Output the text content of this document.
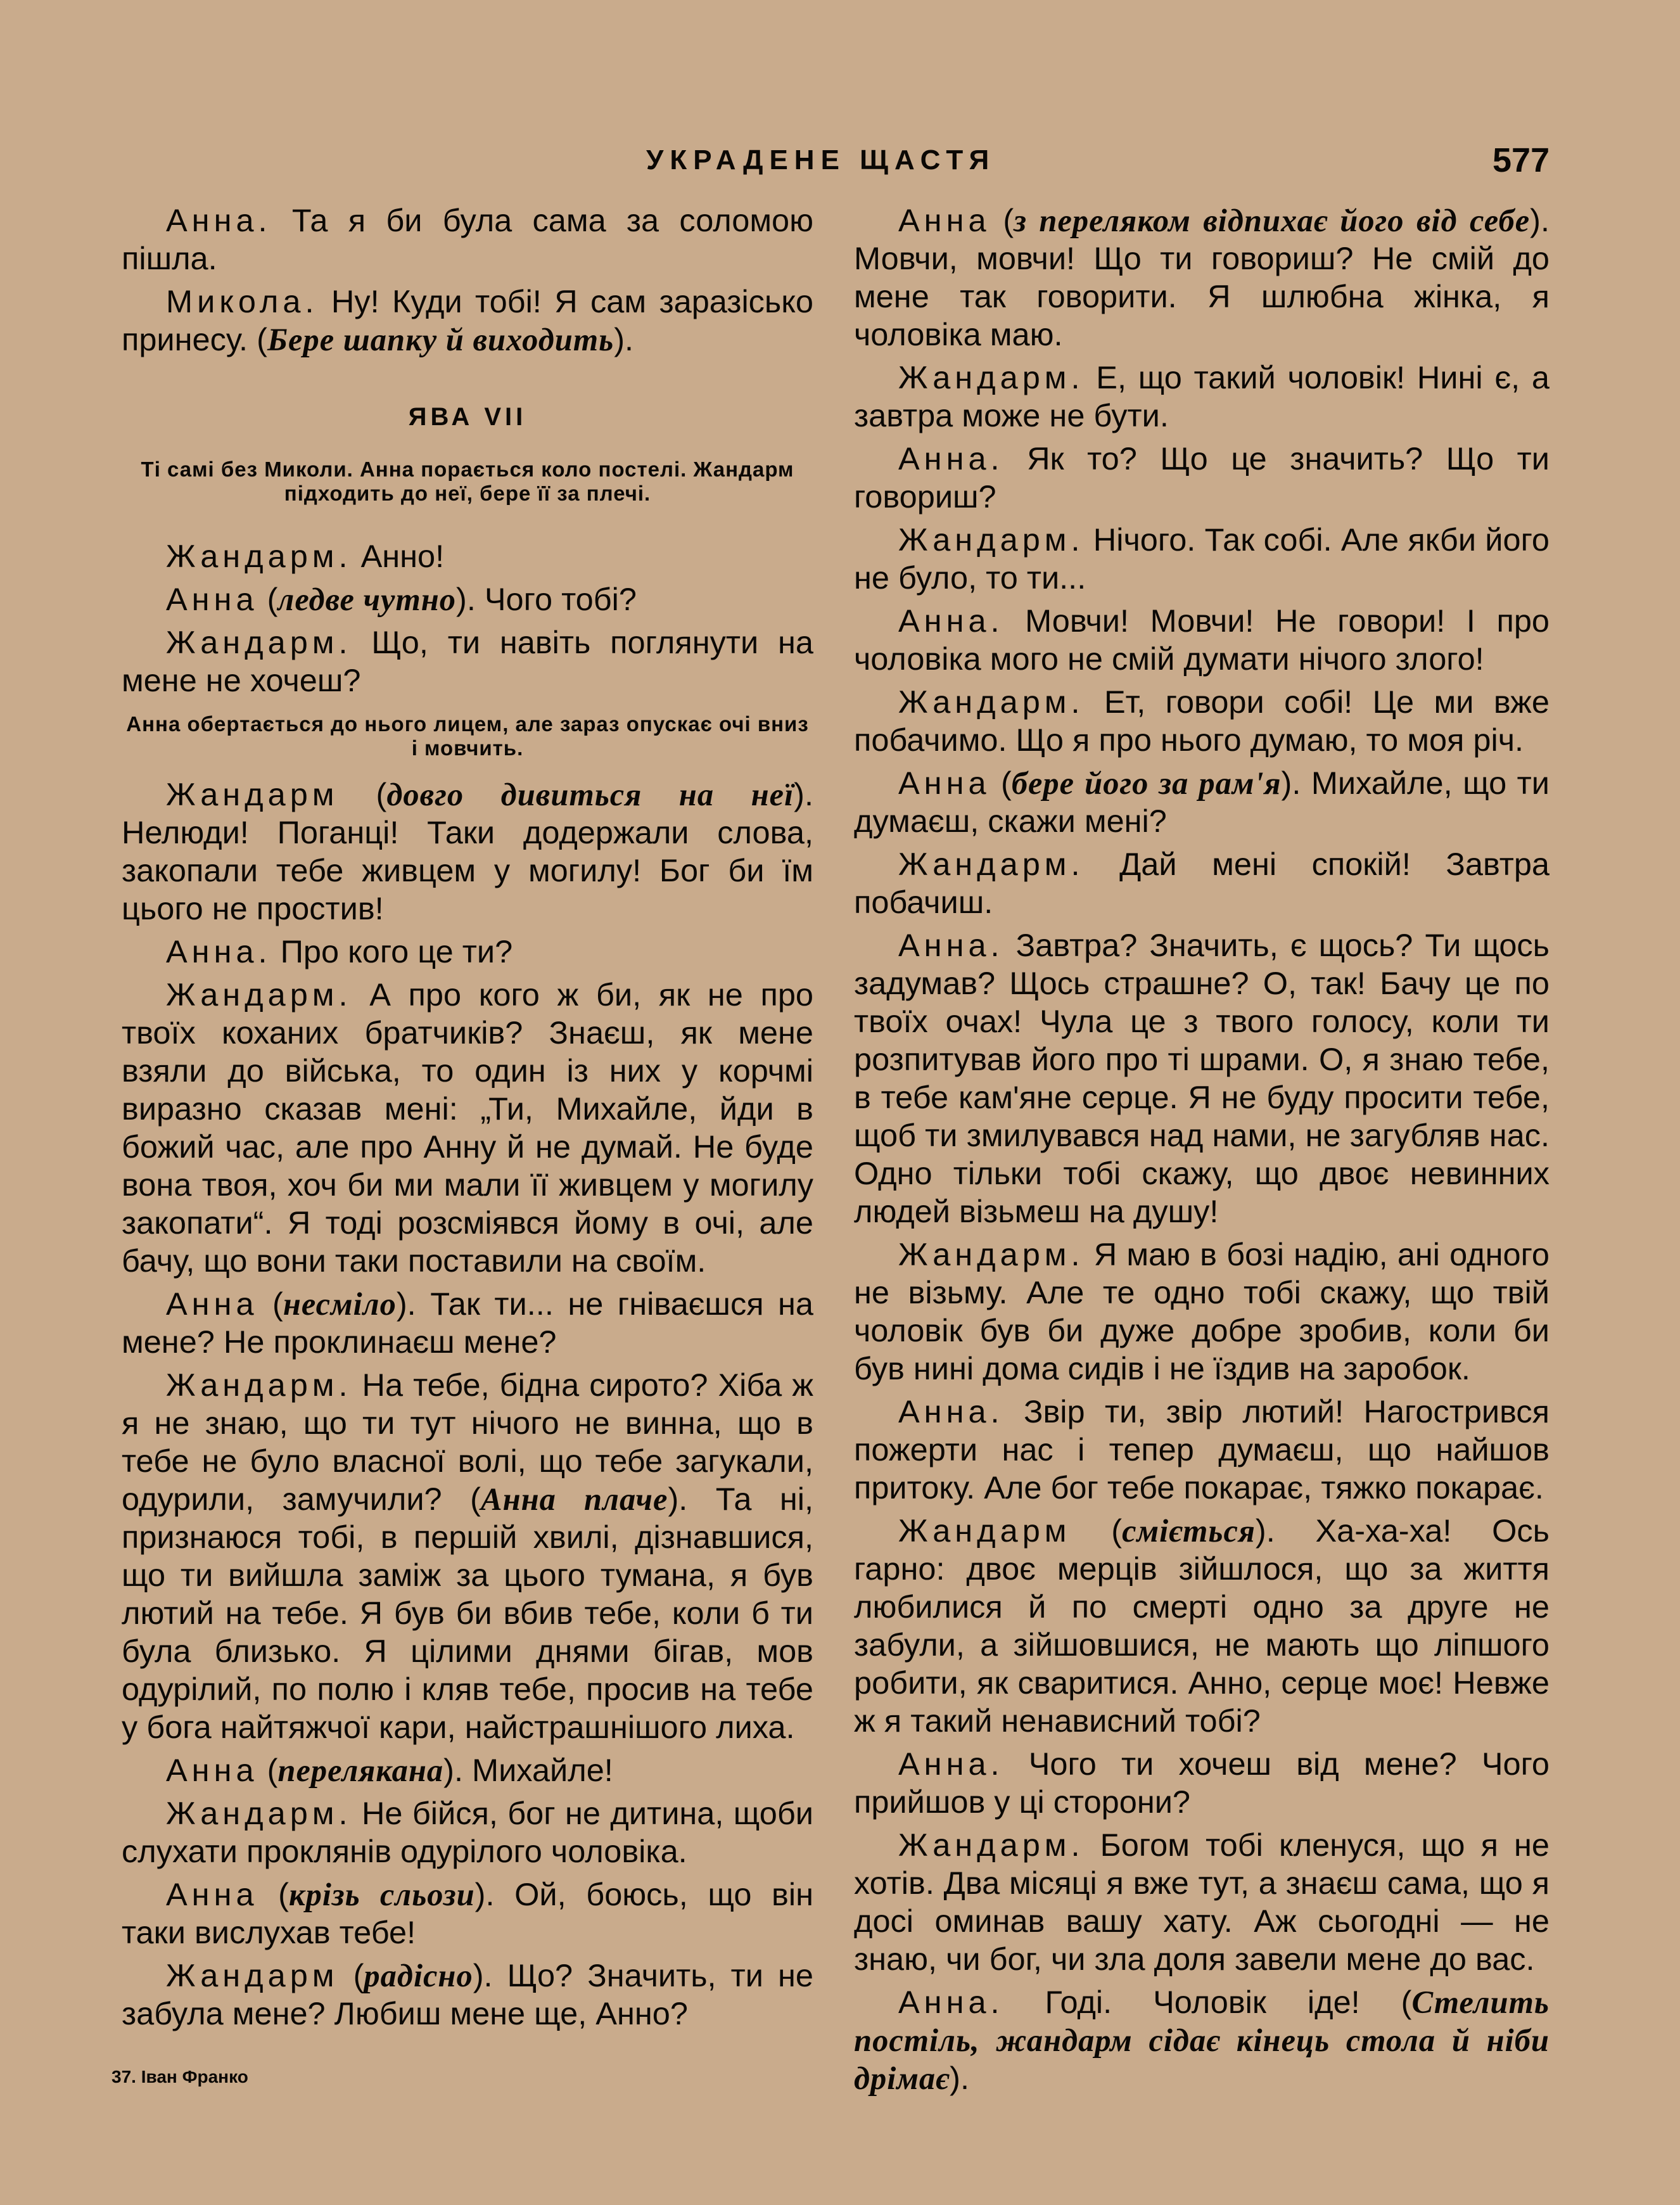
УКРАДЕНЕ ЩАСТЯ	577

Анна. Та я би була сама за соломою пішла.

Микола. Ну! Куди тобі! Я сам заразісько принесу. (Бере шапку й виходить).

ЯВА VII
Ті самі без Миколи. Анна порається коло постелі. Жандарм підходить до неї, бере її за плечі.

Жандарм. Анно!

Анна (ледве чутно). Чого тобі?

Жандарм. Що, ти навіть поглянути на мене не хочеш?

Анна обертається до нього лицем, але зараз опускає очі вниз і мовчить.

Жандарм (довго дивиться на неї). Нелюди! Поганці! Таки додержали слова, закопали тебе живцем у могилу! Бог би їм цього не простив!

Анна. Про кого це ти?

Жандарм. А про кого ж би, як не про твоїх коханих братчиків? Знаєш, як мене взяли до війська, то один із них у корчмі виразно сказав мені: „Ти, Михайле, йди в божий час, але про Анну й не думай. Не буде вона твоя, хоч би ми мали її живцем у могилу закопати“. Я тоді розсміявся йому в очі, але бачу, що вони таки поставили на своїм.

Анна (несміло). Так ти... не гніваєшся на мене? Не проклинаєш мене?

Жандарм. На тебе, бідна сирото? Хіба ж я не знаю, що ти тут нічого не винна, що в тебе не було власної волі, що тебе загукали, одурили, замучили? (Анна плаче). Та ні, признаюся тобі, в першій хвилі, дізнавшися, що ти вийшла заміж за цього тумана, я був лютий на тебе. Я був би вбив тебе, коли б ти була близько. Я цілими днями бігав, мов одурілий, по полю і кляв тебе, просив на тебе у бога найтяжчої кари, найстрашнішого лиха.

Анна (перелякана). Михайле!

Жандарм. Не бійся, бог не дитина, щоби слухати проклянів одурілого чоловіка.

Анна (крізь сльози). Ой, боюсь, що він таки вислухав тебе!

Жандарм (радісно). Що? Значить, ти не забула мене? Любиш мене ще, Анно?

Анна (з переляком відпихає його від себе). Мовчи, мовчи! Що ти говориш? Не смій до мене так говорити. Я шлюбна жінка, я чоловіка маю.

Жандарм. Е, що такий чоловік! Нині є, а завтра може не бути.

Анна. Як то? Що це значить? Що ти говориш?

Жандарм. Нічого. Так собі. Але якби його не було, то ти...

Анна. Мовчи! Мовчи! Не говори! І про чоловіка мого не смій думати нічого злого!

Жандарм. Ет, говори собі! Це ми вже побачимо. Що я про нього думаю, то моя річ.

Анна (бере його за рам'я). Михайле, що ти думаєш, скажи мені?

Жандарм. Дай мені спокій! Завтра побачиш.

Анна. Завтра? Значить, є щось? Ти щось задумав? Щось страшне? О, так! Бачу це по твоїх очах! Чула це з твого голосу, коли ти розпитував його про ті шрами. О, я знаю тебе, в тебе кам'яне серце. Я не буду просити тебе, щоб ти змилувався над нами, не загубляв нас. Одно тільки тобі скажу, що двоє невинних людей візьмеш на душу!

Жандарм. Я маю в бозі надію, ані одного не візьму. Але те одно тобі скажу, що твій чоловік був би дуже добре зробив, коли би був нині дома сидів і не їздив на заробок.

Анна. Звір ти, звір лютий! Нагострився пожерти нас і тепер думаєш, що найшов притоку. Але бог тебе покарає, тяжко покарає.

Жандарм (сміється). Ха-ха-ха! Ось гарно: двоє мерців зійшлося, що за життя любилися й по смерті одно за друге не забули, а зійшовшися, не мають що ліпшого робити, як сваритися. Анно, серце моє! Невже ж я такий ненависний тобі?

Анна. Чого ти хочеш від мене? Чого прийшов у ці сторони?

Жандарм. Богом тобі кленуся, що я не хотів. Два місяці я вже тут, а знаєш сама, що я досі оминав вашу хату. Аж сьогодні — не знаю, чи бог, чи зла доля завели мене до вас.

Анна. Годі. Чоловік іде! (Стелить постіль, жандарм сідає кінець стола й ніби дрімає).

37. Іван Франко
